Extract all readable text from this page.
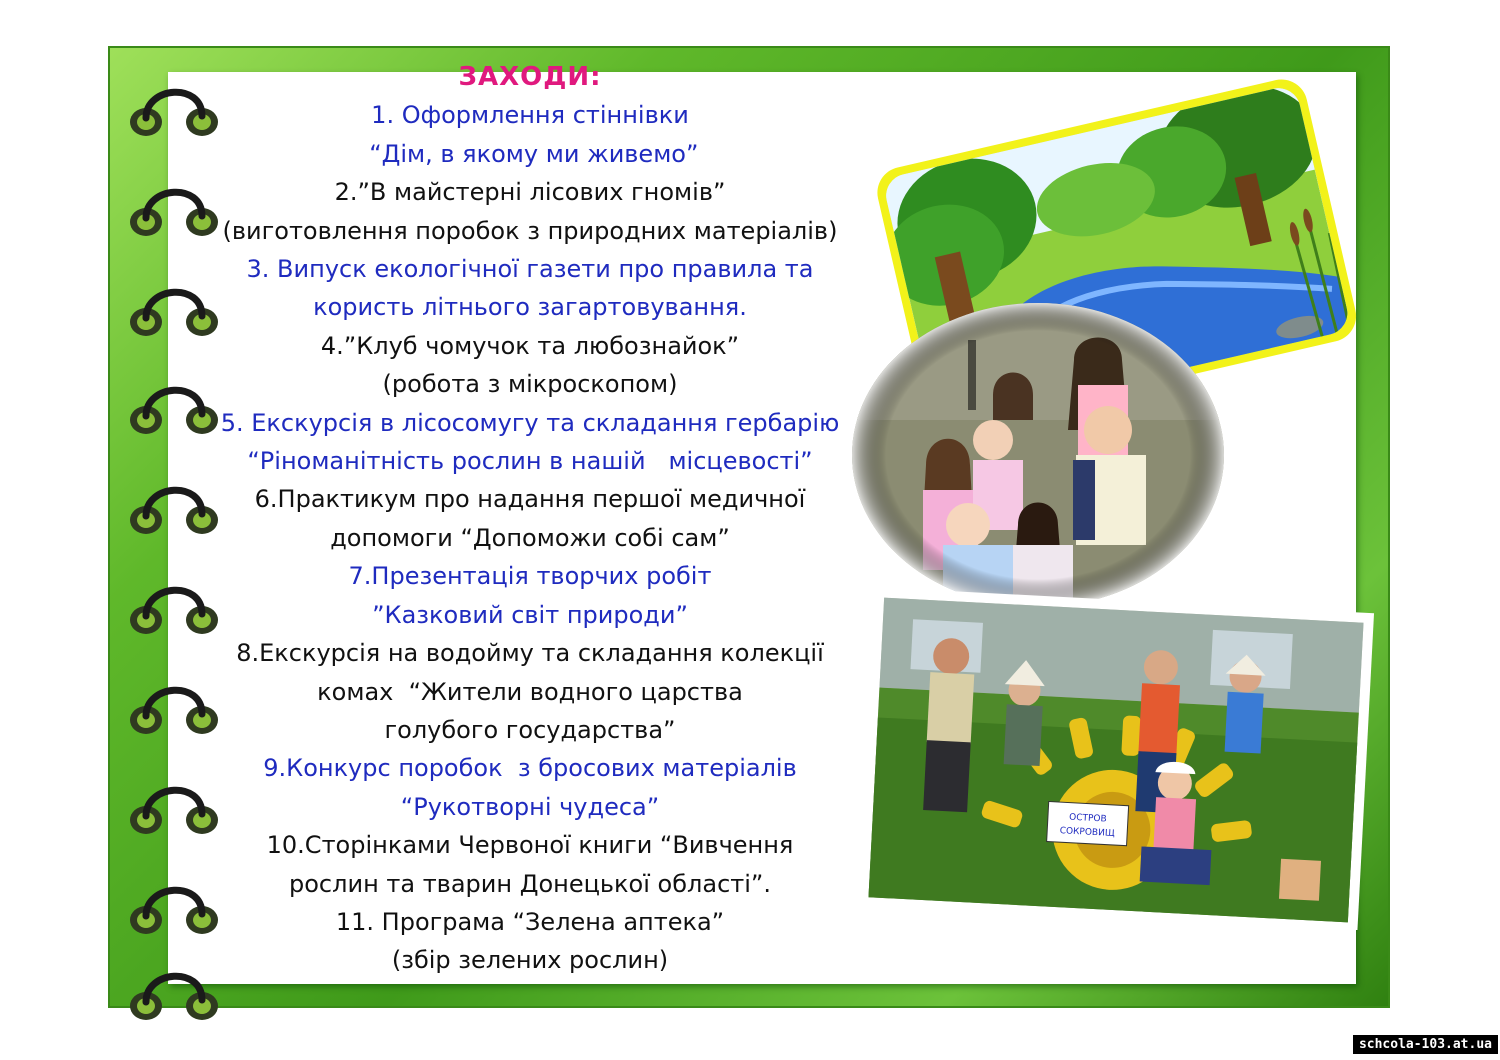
ОСТРОВ
СОКРОВИЩ
ЗАХОДИ:
1. Оформлення стіннівки
“Дім, в якому ми живемо”
2.”В майстерні лісових гномів”
(виготовлення поробок з природних матеріалів)
3. Випуск екологічної газети про правила та
користь літнього загартовування.
4.”Клуб чомучок та любознайок”
(робота з мікроскопом)
5. Екскурсія в лісосомугу та складання гербарію
“Ріноманітність рослин в нашій   місцевості”
6.Практикум про надання першої медичної
допомоги “Допоможи собі сам”
7.Презентація творчих робіт
”Казковий світ природи”
8.Екскурсія на водойму та складання колекції
комах  “Жители водного царства
голубого государства”
9.Конкурс поробок  з бросових матеріалів
“Рукотворні чудеса”
10.Сторінками Червоної книги “Вивчення
рослин та тварин Донецької області”.
11. Програма “Зелена аптека”
(збір зелених рослин)
schcola-103.at.ua
